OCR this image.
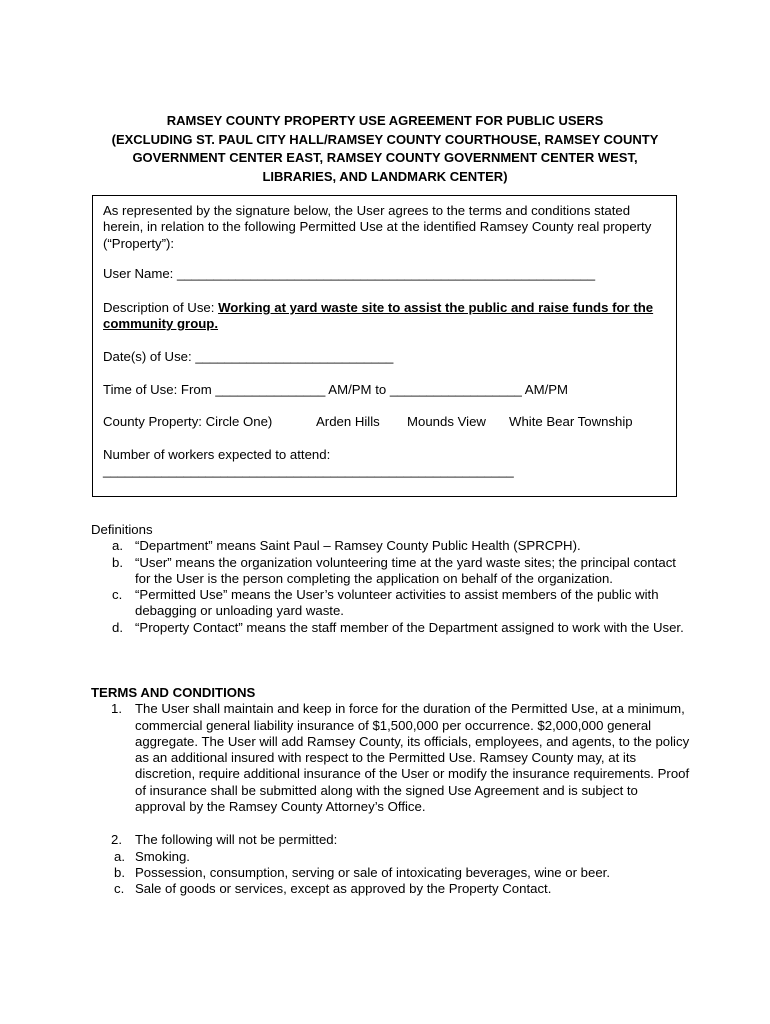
RAMSEY COUNTY PROPERTY USE AGREEMENT FOR PUBLIC USERS
(EXCLUDING ST. PAUL CITY HALL/RAMSEY COUNTY COURTHOUSE, RAMSEY COUNTY
GOVERNMENT CENTER EAST, RAMSEY COUNTY GOVERNMENT CENTER WEST,
LIBRARIES, AND LANDMARK CENTER)
As represented by the signature below, the User agrees to the terms and conditions stated herein, in relation to the following Permitted Use at the identified Ramsey County real property (“Property”):
User Name: _________________________________________________________
Description of Use: Working at yard waste site to assist the public and raise funds for the community group.
Date(s) of Use: ___________________________
Time of Use: From _______________ AM/PM to __________________ AM/PM
County Property: Circle One)	Arden Hills Mounds View White Bear Township
Number of workers expected to attend:
________________________________________________________
Definitions
a. “Department” means Saint Paul – Ramsey County Public Health (SPRCPH).
b. “User” means the organization volunteering time at the yard waste sites; the principal contact for the User is the person completing the application on behalf of the organization.
c. “Permitted Use” means the User’s volunteer activities to assist members of the public with debagging or unloading yard waste.
d. “Property Contact” means the staff member of the Department assigned to work with the User.
TERMS AND CONDITIONS
1. The User shall maintain and keep in force for the duration of the Permitted Use, at a minimum, commercial general liability insurance of $1,500,000 per occurrence. $2,000,000 general aggregate. The User will add Ramsey County, its officials, employees, and agents, to the policy as an additional insured with respect to the Permitted Use. Ramsey County may, at its discretion, require additional insurance of the User or modify the insurance requirements. Proof of insurance shall be submitted along with the signed Use Agreement and is subject to approval by the Ramsey County Attorney’s Office.
2. The following will not be permitted:
a. Smoking.
b. Possession, consumption, serving or sale of intoxicating beverages, wine or beer.
c. Sale of goods or services, except as approved by the Property Contact.
